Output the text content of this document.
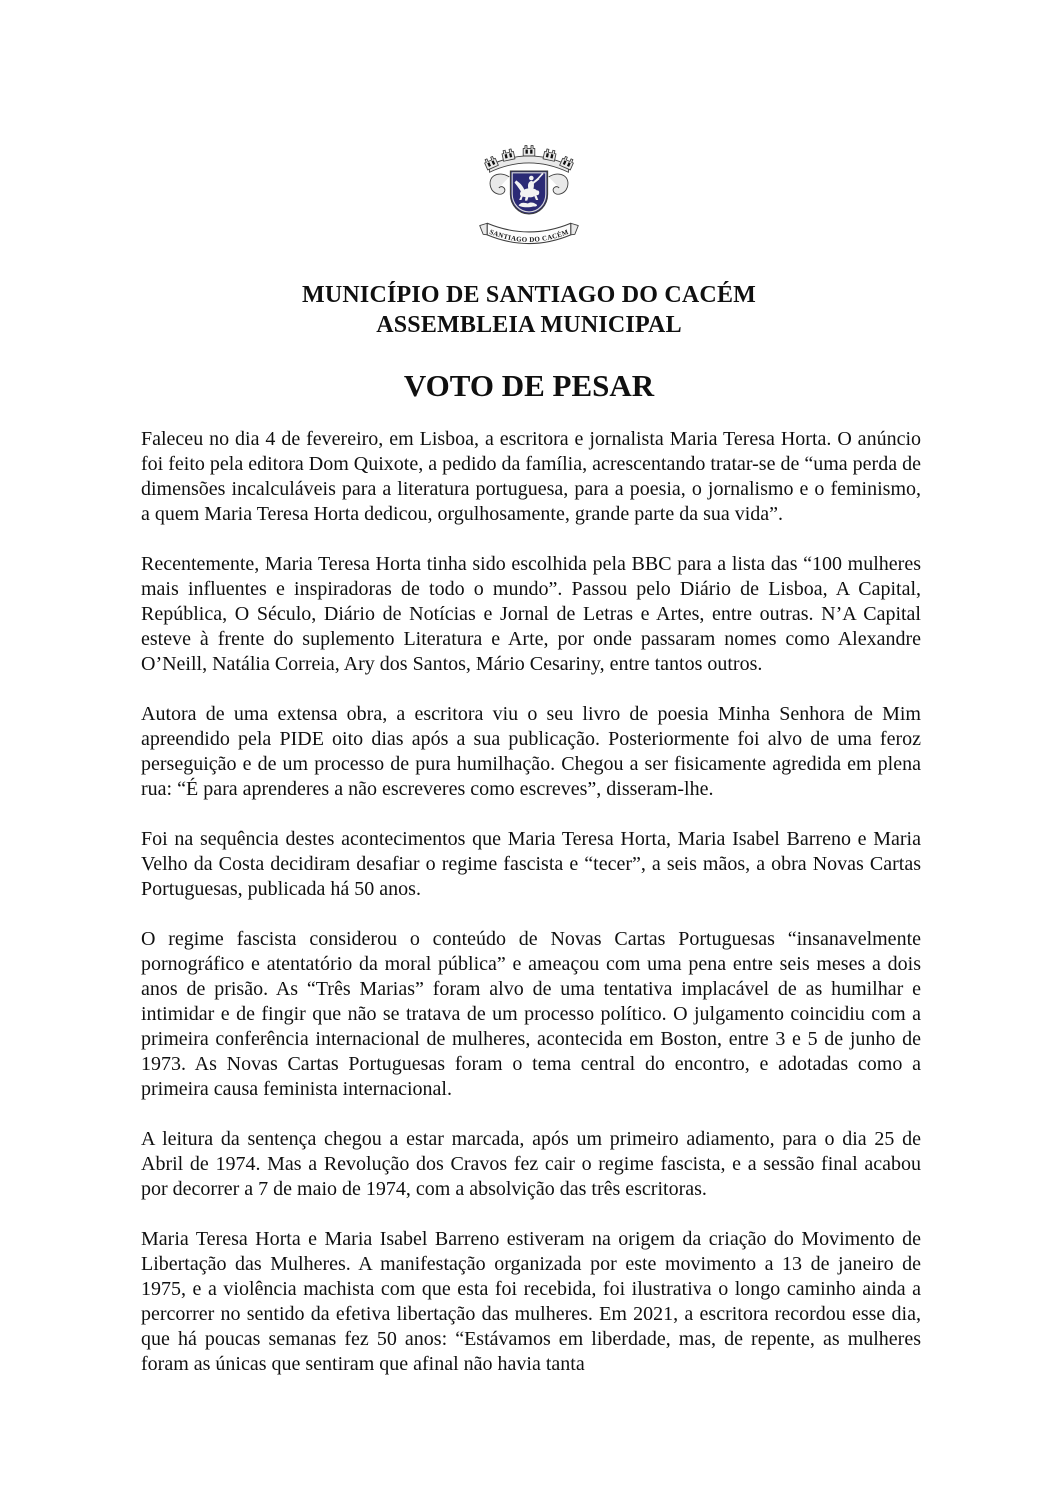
SANTIAGO DO CACÉM
MUNICÍPIO DE SANTIAGO DO CACÉM
ASSEMBLEIA MUNICIPAL
VOTO DE PESAR

Faleceu no dia 4 de fevereiro, em Lisboa, a escritora e jornalista Maria Teresa Horta. O anúncio foi feito pela editora Dom Quixote, a pedido da família, acrescentando tratar-se de “uma perda de dimensões incalculáveis para a literatura portuguesa, para a poesia, o jornalismo e o feminismo, a quem Maria Teresa Horta dedicou, orgulhosamente, grande parte da sua vida”.

Recentemente, Maria Teresa Horta tinha sido escolhida pela BBC para a lista das “100 mulheres mais influentes e inspiradoras de todo o mundo”. Passou pelo Diário de Lisboa, A Capital, República, O Século, Diário de Notícias e Jornal de Letras e Artes, entre outras. N’A Capital esteve à frente do suplemento Literatura e Arte, por onde passaram nomes como Alexandre O’Neill, Natália Correia, Ary dos Santos, Mário Cesariny, entre tantos outros.

Autora de uma extensa obra, a escritora viu o seu livro de poesia Minha Senhora de Mim apreendido pela PIDE oito dias após a sua publicação. Posteriormente foi alvo de uma feroz perseguição e de um processo de pura humilhação. Chegou a ser fisicamente agredida em plena rua: “É para aprenderes a não escreveres como escreves”, disseram-lhe.

Foi na sequência destes acontecimentos que Maria Teresa Horta, Maria Isabel Barreno e Maria Velho da Costa decidiram desafiar o regime fascista e “tecer”, a seis mãos, a obra Novas Cartas Portuguesas, publicada há 50 anos.

O regime fascista considerou o conteúdo de Novas Cartas Portuguesas “insanavelmente pornográfico e atentatório da moral pública” e ameaçou com uma pena entre seis meses a dois anos de prisão. As “Três Marias” foram alvo de uma tentativa implacável de as humilhar e intimidar e de fingir que não se tratava de um processo político. O julgamento coincidiu com a primeira conferência internacional de mulheres, acontecida em Boston, entre 3 e 5 de junho de 1973. As Novas Cartas Portuguesas foram o tema central do encontro, e adotadas como a primeira causa feminista internacional.

A leitura da sentença chegou a estar marcada, após um primeiro adiamento, para o dia 25 de Abril de 1974. Mas a Revolução dos Cravos fez cair o regime fascista, e a sessão final acabou por decorrer a 7 de maio de 1974, com a absolvição das três escritoras.

Maria Teresa Horta e Maria Isabel Barreno estiveram na origem da criação do Movimento de Libertação das Mulheres. A manifestação organizada por este movimento a 13 de janeiro de 1975, e a violência machista com que esta foi recebida, foi ilustrativa o longo caminho ainda a percorrer no sentido da efetiva libertação das mulheres. Em 2021, a escritora recordou esse dia, que há poucas semanas fez 50 anos: “Estávamos em liberdade, mas, de repente, as mulheres foram as únicas que sentiram que afinal não havia tanta
